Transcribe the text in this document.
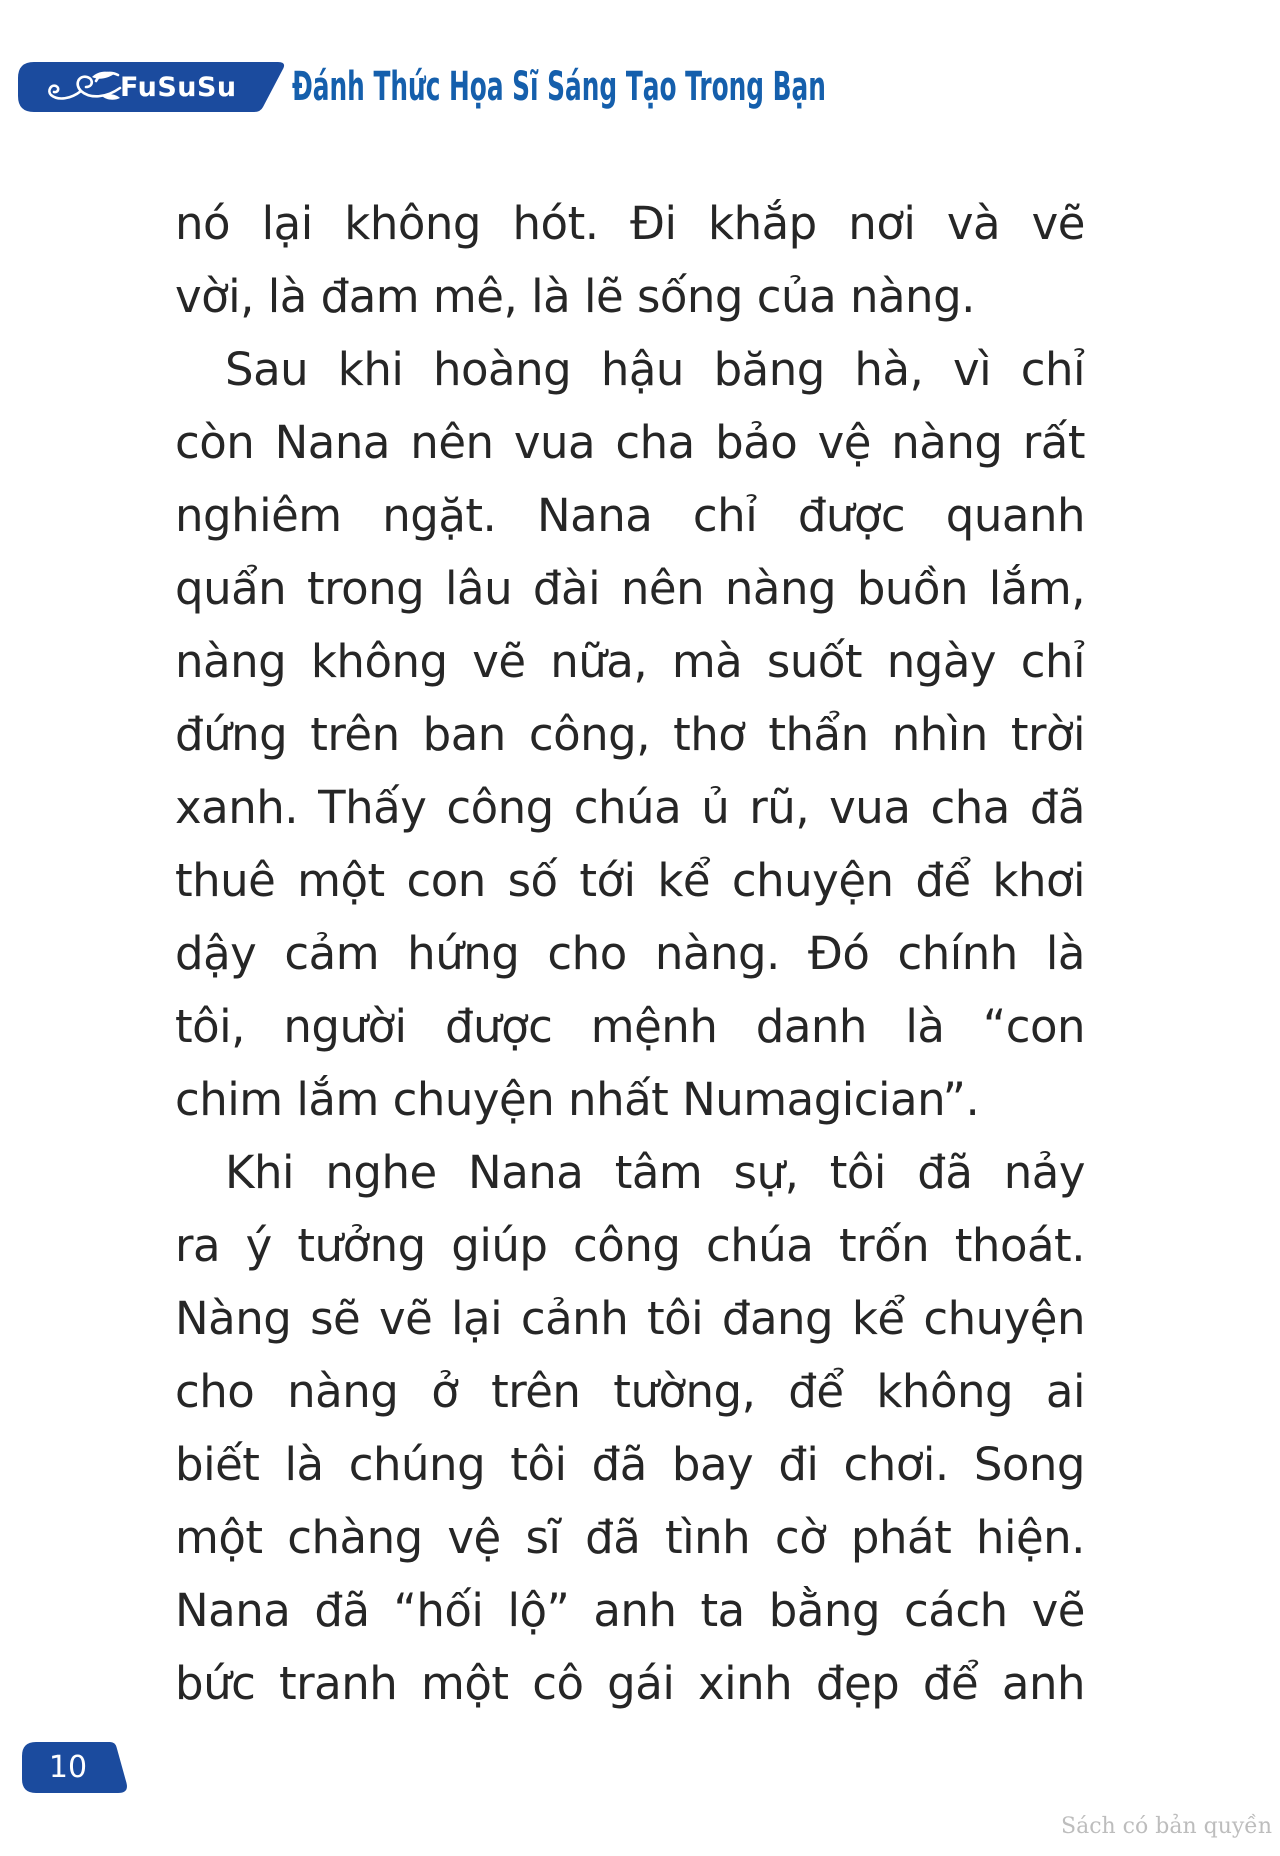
FuSuSu Đánh Thức Họa Sĩ Sáng Tạo Trong Bạn
nó lại không hót. Đi khắp nơi và vẽ
vời, là đam mê, là lẽ sống của nàng.
Sau khi hoàng hậu băng hà, vì chỉ
còn Nana nên vua cha bảo vệ nàng rất
nghiêm ngặt. Nana chỉ được quanh
quẩn trong lâu đài nên nàng buồn lắm,
nàng không vẽ nữa, mà suốt ngày chỉ
đứng trên ban công, thơ thẩn nhìn trời
xanh. Thấy công chúa ủ rũ, vua cha đã
thuê một con số tới kể chuyện để khơi
dậy cảm hứng cho nàng. Đó chính là
tôi, người được mệnh danh là “con
chim lắm chuyện nhất Numagician”.
Khi nghe Nana tâm sự, tôi đã nảy
ra ý tưởng giúp công chúa trốn thoát.
Nàng sẽ vẽ lại cảnh tôi đang kể chuyện
cho nàng ở trên tường, để không ai
biết là chúng tôi đã bay đi chơi. Song
một chàng vệ sĩ đã tình cờ phát hiện.
Nana đã “hối lộ” anh ta bằng cách vẽ
bức tranh một cô gái xinh đẹp để anh
10
Sách có bản quyền
